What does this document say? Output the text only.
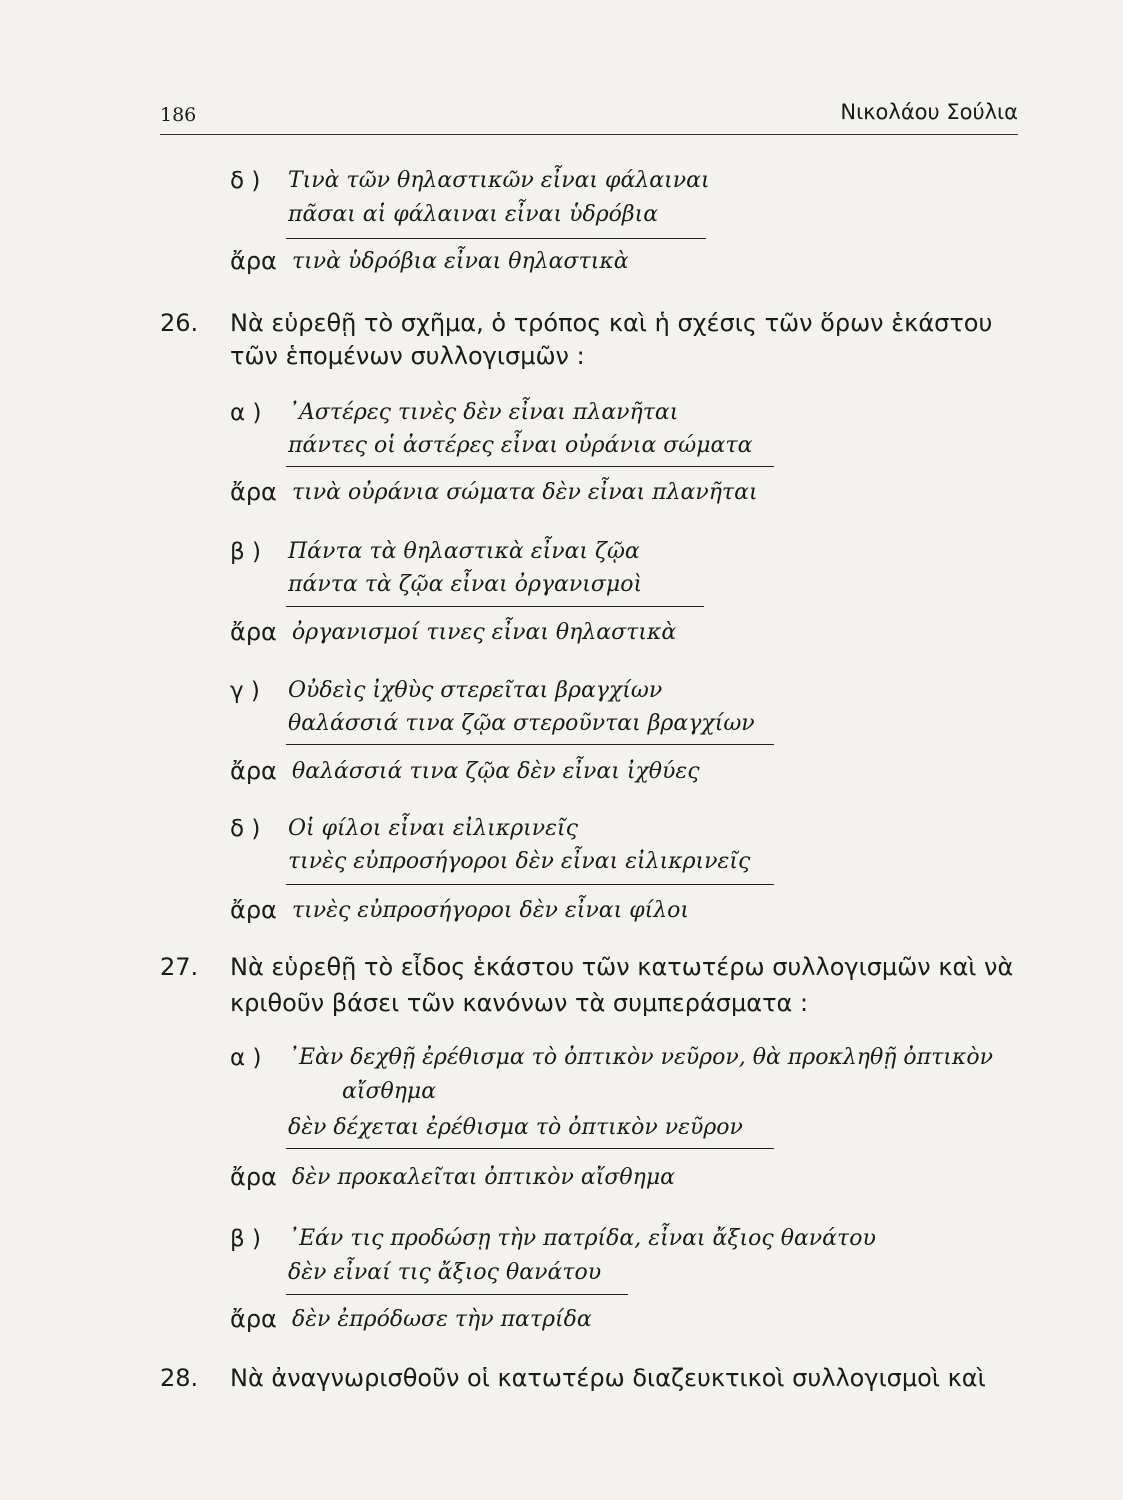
186	Νικολάου Σούλια
δ ) Τινὰ τῶν θηλαστικῶν εἶναι φάλαιναι
πᾶσαι αἱ φάλαιναι εἶναι ὑδρόβια
ἄρα τινὰ ὑδρόβια εἶναι θηλαστικὰ
26. Νὰ εὑρεθῇ τὸ σχῆμα, ὁ τρόπος καὶ ἡ σχέσις τῶν ὅρων ἑκάστου
τῶν ἑπομένων συλλογισμῶν :
α ) ᾿Αστέρες τινὲς δὲν εἶναι πλανῆται
πάντες οἱ ἀστέρες εἶναι οὐράνια σώματα
ἄρα τινὰ οὐράνια σώματα δὲν εἶναι πλανῆται
β ) Πάντα τὰ θηλαστικὰ εἶναι ζῷα
πάντα τὰ ζῷα εἶναι ὀργανισμοὶ
ἄρα ὀργανισμοί τινες εἶναι θηλαστικὰ
γ ) Οὐδεὶς ἰχθὺς στερεῖται βραγχίων
θαλάσσιά τινα ζῷα στεροῦνται βραγχίων
ἄρα θαλάσσιά τινα ζῷα δὲν εἶναι ἰχθύες
δ ) Οἱ φίλοι εἶναι εἰλικρινεῖς
τινὲς εὐπροσήγοροι δὲν εἶναι εἰλικρινεῖς
ἄρα τινὲς εὐπροσήγοροι δὲν εἶναι φίλοι
27. Νὰ εὑρεθῇ τὸ εἶδος ἑκάστου τῶν κατωτέρω συλλογισμῶν καὶ νὰ
κριθοῦν βάσει τῶν κανόνων τὰ συμπεράσματα :
α ) ᾿Εὰν δεχθῇ ἐρέθισμα τὸ ὀπτικὸν νεῦρον, θὰ προκληθῇ ὀπτικὸν
αἴσθημα
δὲν δέχεται ἐρέθισμα τὸ ὀπτικὸν νεῦρον
ἄρα δὲν προκαλεῖται ὀπτικὸν αἴσθημα
β ) ᾿Εάν τις προδώσῃ τὴν πατρίδα, εἶναι ἄξιος θανάτου
δὲν εἶναί τις ἄξιος θανάτου
ἄρα δὲν ἐπρόδωσε τὴν πατρίδα
28. Νὰ ἀναγνωρισθοῦν οἱ κατωτέρω διαζευκτικοὶ συλλογισμοὶ καὶ
